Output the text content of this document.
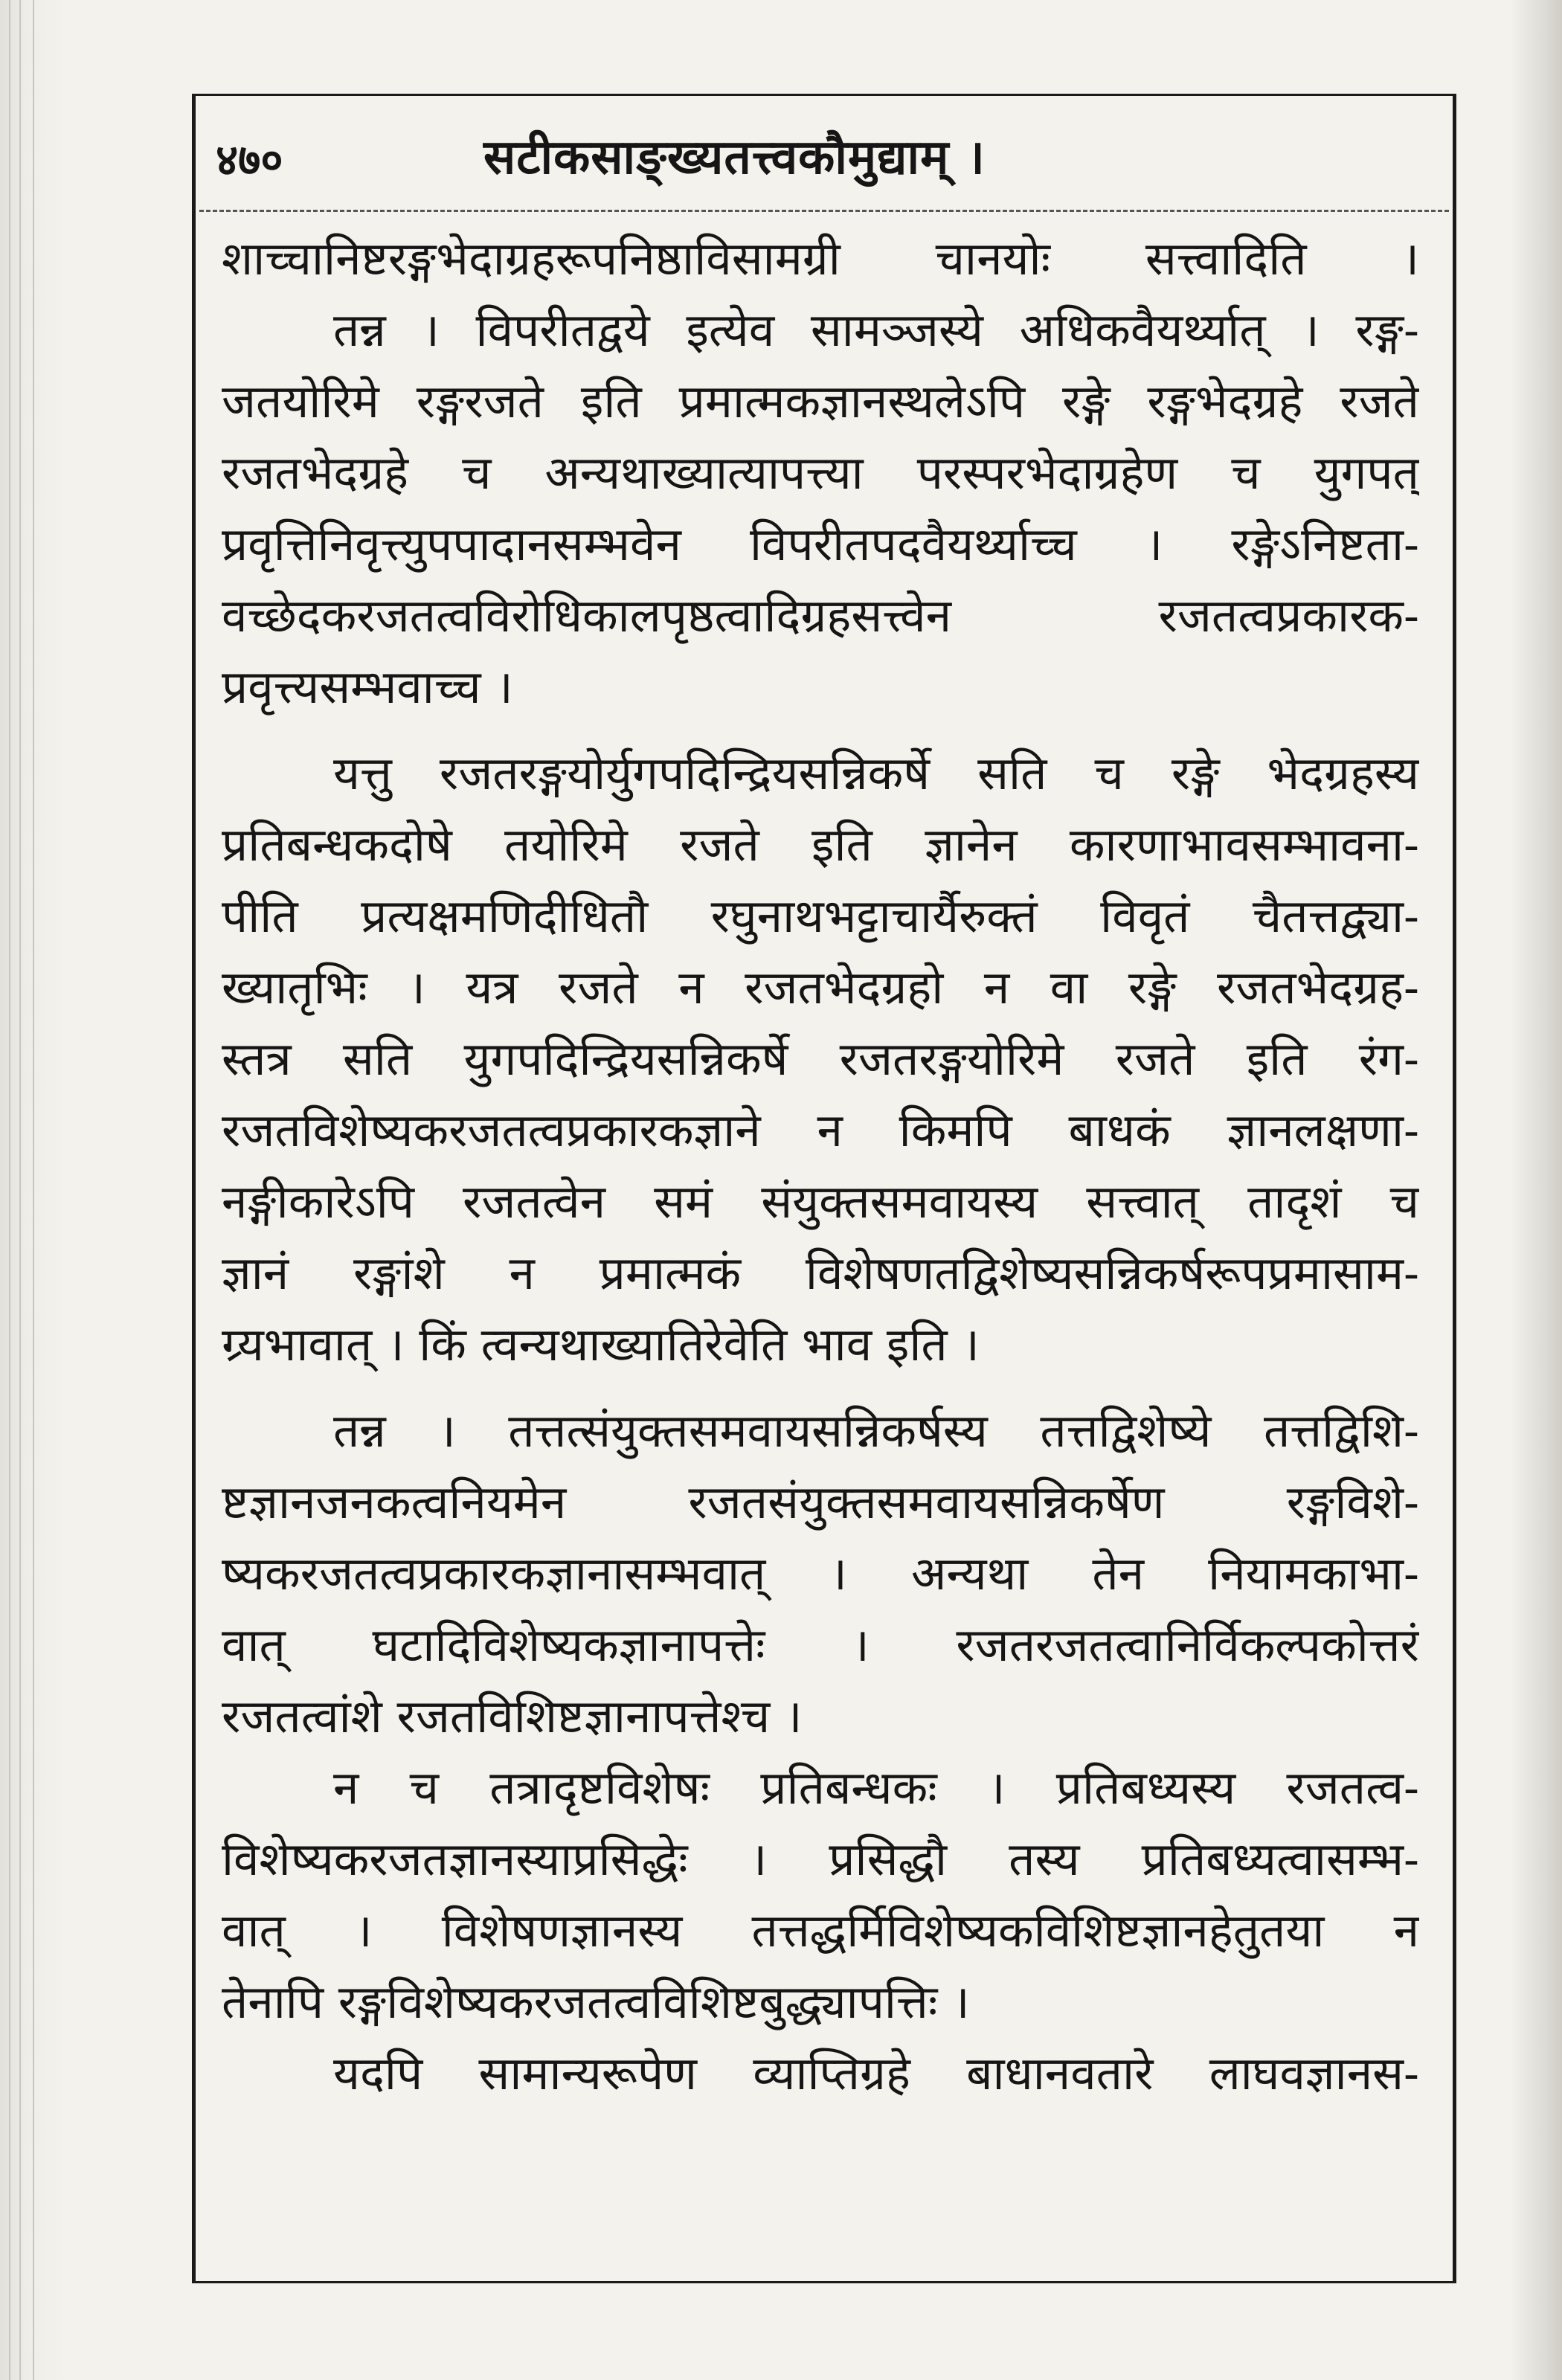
४७०	सटीकसाङ्ख्यतत्त्वकौमुद्याम् ।
शाच्चानिष्टरङ्गभेदाग्रहरूपनिष्ठाविसामग्री चानयोः सत्त्वादिति ।
तन्न । विपरीतद्वये इत्येव सामञ्जस्ये अधिकवैयर्थ्यात् । रङ्ग-
जतयोरिमे रङ्गरजते इति प्रमात्मकज्ञानस्थलेऽपि रङ्गे रङ्गभेदग्रहे रजते
रजतभेदग्रहे च अन्यथाख्यात्यापत्त्या परस्परभेदाग्रहेण च युगपत्
प्रवृत्तिनिवृत्त्युपपादानसम्भवेन विपरीतपदवैयर्थ्याच्च । रङ्गेऽनिष्टता-
वच्छेदकरजतत्वविरोधिकालपृष्ठत्वादिग्रहसत्त्वेन रजतत्वप्रकारक-
प्रवृत्त्यसम्भवाच्च ।
यत्तु रजतरङ्गयोर्युगपदिन्द्रियसन्निकर्षे सति च रङ्गे भेदग्रहस्य
प्रतिबन्धकदोषे तयोरिमे रजते इति ज्ञानेन कारणाभावसम्भावना-
पीति प्रत्यक्षमणिदीधितौ रघुनाथभट्टाचार्यैरुक्तं विवृतं चैतत्तद्व्या-
ख्यातृभिः । यत्र रजते न रजतभेदग्रहो न वा रङ्गे रजतभेदग्रह-
स्तत्र सति युगपदिन्द्रियसन्निकर्षे रजतरङ्गयोरिमे रजते इति रंग-
रजतविशेष्यकरजतत्वप्रकारकज्ञाने न किमपि बाधकं ज्ञानलक्षणा-
नङ्गीकारेऽपि रजतत्वेन समं संयुक्तसमवायस्य सत्त्वात् तादृशं च
ज्ञानं रङ्गांशे न प्रमात्मकं विशेषणतद्विशेष्यसन्निकर्षरूपप्रमासाम-
ग्र्यभावात् । किं त्वन्यथाख्यातिरेवेति भाव इति ।
तन्न । तत्तत्संयुक्तसमवायसन्निकर्षस्य तत्तद्विशेष्ये तत्तद्विशि-
ष्टज्ञानजनकत्वनियमेन रजतसंयुक्तसमवायसन्निकर्षेण रङ्गविशे-
ष्यकरजतत्वप्रकारकज्ञानासम्भवात् । अन्यथा तेन नियामकाभा-
वात् घटादिविशेष्यकज्ञानापत्तेः । रजतरजतत्वानिर्विकल्पकोत्तरं
रजतत्वांशे रजतविशिष्टज्ञानापत्तेश्च ।
न च तत्रादृष्टविशेषः प्रतिबन्धकः । प्रतिबध्यस्य रजतत्व-
विशेष्यकरजतज्ञानस्याप्रसिद्धेः । प्रसिद्धौ तस्य प्रतिबध्यत्वासम्भ-
वात् । विशेषणज्ञानस्य तत्तद्धर्मिविशेष्यकविशिष्टज्ञानहेतुतया न
तेनापि रङ्गविशेष्यकरजतत्वविशिष्टबुद्ध्यापत्तिः ।
यदपि सामान्यरूपेण व्याप्तिग्रहे बाधानवतारे लाघवज्ञानस-
